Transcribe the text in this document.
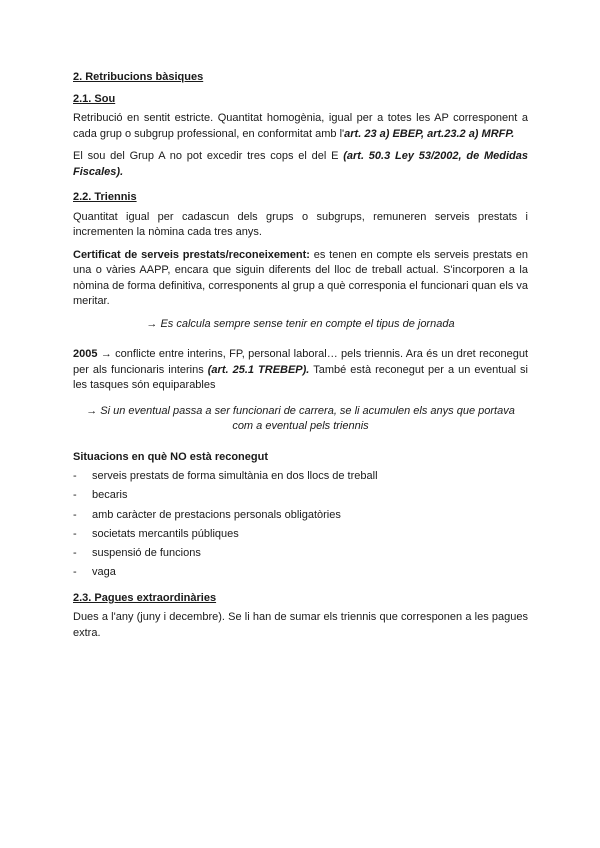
2. Retribucions bàsiques
2.1. Sou

Retribució en sentit estricte. Quantitat homogènia, igual per a totes les AP corresponent a cada grup o subgrup professional, en conformitat amb l'art. 23 a) EBEP, art.23.2 a) MRFP.

El sou del Grup A no pot excedir tres cops el del E (art. 50.3 Ley 53/2002, de Medidas Fiscales).

2.2. Triennis

Quantitat igual per cadascun dels grups o subgrups, remuneren serveis prestats i incrementen la nòmina cada tres anys.

Certificat de serveis prestats/reconeixement: es tenen en compte els serveis prestats en una o vàries AAPP, encara que siguin diferents del lloc de treball actual. S'incorporen a la nòmina de forma definitiva, corresponents al grup a què corresponia el funcionari quan els va meritar.

→ Es calcula sempre sense tenir en compte el tipus de jornada

2005 → conflicte entre interins, FP, personal laboral… pels triennis. Ara és un dret reconegut per als funcionaris interins (art. 25.1 TREBEP). També està reconegut per a un eventual si les tasques són equiparables

→ Si un eventual passa a ser funcionari de carrera, se li acumulen els anys que portava
com a eventual pels triennis
Situacions en què NO està reconegut
- serveis prestats de forma simultània en dos llocs de treball
- becaris
- amb caràcter de prestacions personals obligatòries
- societats mercantils públiques
- suspensió de funcions
- vaga
2.3. Pagues extraordinàries

Dues a l'any (juny i decembre). Se li han de sumar els triennis que corresponen a les pagues extra.
